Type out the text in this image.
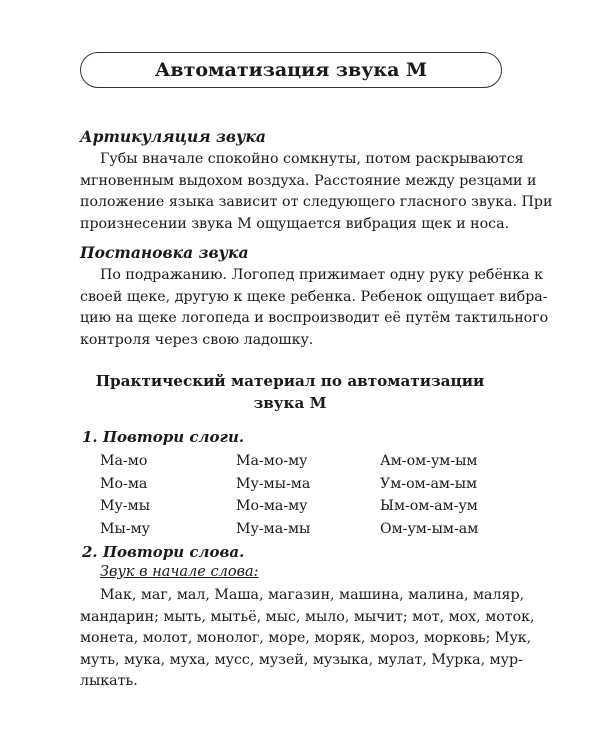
Автоматизация звука М
Артикуляция звука
Губы вначале спокойно сомкнуты, потом раскрываются
мгновенным выдохом воздуха. Расстояние между резцами и
положение языка зависит от следующего гласного звука. При
произнесении звука М ощущается вибрация щек и носа.
Постановка звука
По подражанию. Логопед прижимает одну руку ребёнка к
своей щеке, другую к щеке ребенка. Ребенок ощущает вибра-
цию на щеке логопеда и воспроизводит её путём тактильного
контроля через свою ладошку.
Практический материал по автоматизации
звука М
1. Повтори слоги.
Ма-мо
Мо-ма
Му-мы
Мы-му
Ма-мо-му
Му-мы-ма
Мо-ма-му
Му-ма-мы
Ам-ом-ум-ым
Ум-ом-ам-ым
Ым-ом-ам-ум
Ом-ум-ым-ам
2. Повтори слова.
Звук в начале слова:
Мак, маг, мал, Маша, магазин, машина, малина, маляр,
мандарин; мыть, мытьё, мыс, мыло, мычит; мот, мох, моток,
монета, молот, монолог, море, моряк, мороз, морковь; Мук,
муть, мука, муха, мусс, музей, музыка, мулат, Мурка, мур-
лыкать.
